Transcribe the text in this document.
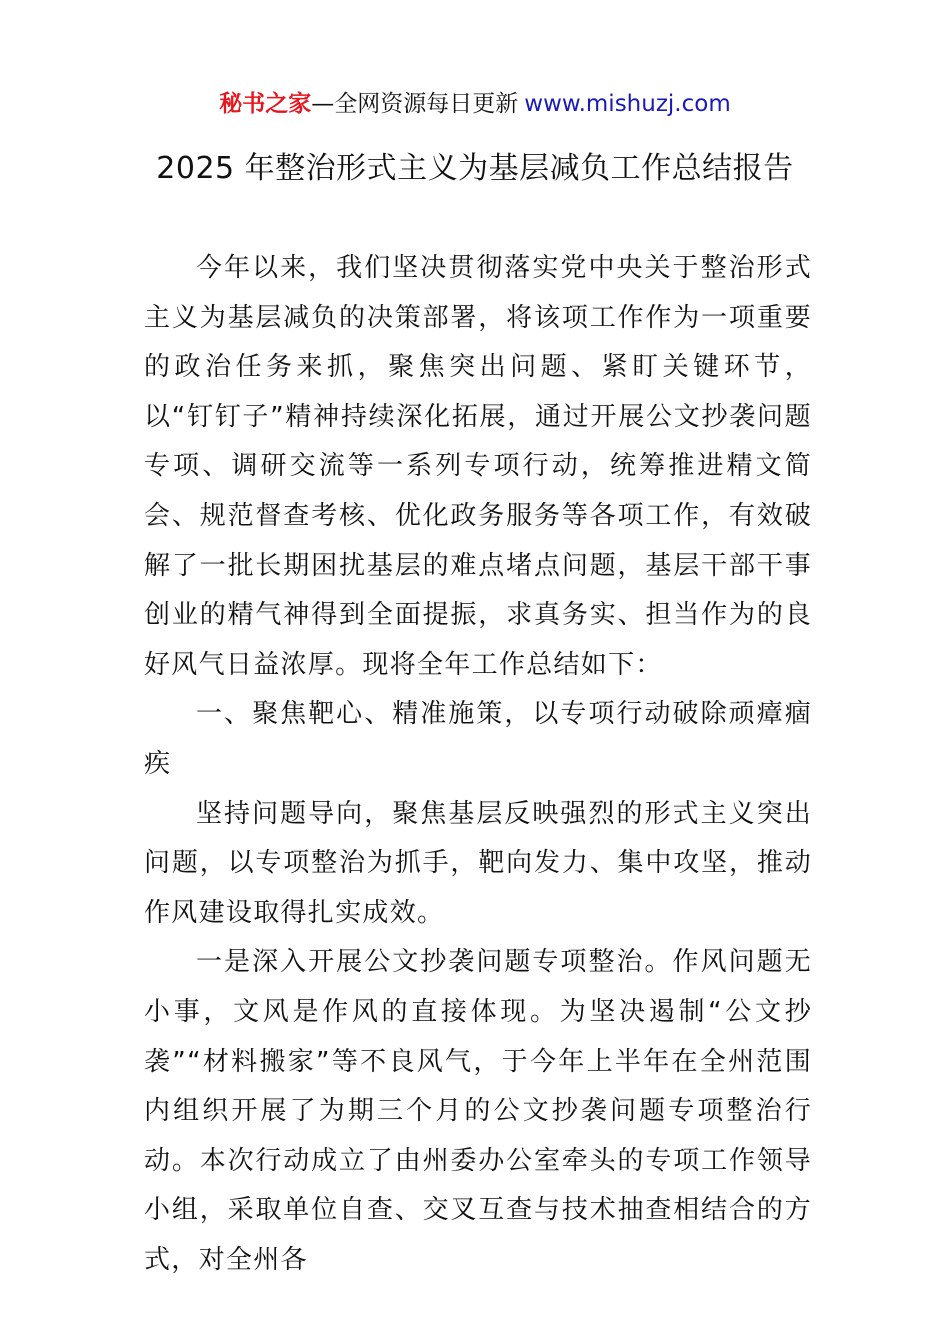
秘书之家—全网资源每日更新 www.mishuzj.com
2025 年整治形式主义为基层减负工作总结报告

今年以来，我们坚决贯彻落实党中央关于整治形式主义为基层减负的决策部署，将该项工作作为一项重要的政治任务来抓，聚焦突出问题、紧盯关键环节，以“钉钉子”精神持续深化拓展，通过开展公文抄袭问题专项、调研交流等一系列专项行动，统筹推进精文简会、规范督查考核、优化政务服务等各项工作，有效破解了一批长期困扰基层的难点堵点问题，基层干部干事创业的精气神得到全面提振，求真务实、担当作为的良好风气日益浓厚。现将全年工作总结如下：

一、聚焦靶心、精准施策，以专项行动破除顽瘴痼疾

坚持问题导向，聚焦基层反映强烈的形式主义突出问题，以专项整治为抓手，靶向发力、集中攻坚，推动作风建设取得扎实成效。

一是深入开展公文抄袭问题专项整治。作风问题无小事，文风是作风的直接体现。为坚决遏制“公文抄袭”“材料搬家”等不良风气，于今年上半年在全州范围内组织开展了为期三个月的公文抄袭问题专项整治行动。本次行动成立了由州委办公室牵头的专项工作领导小组，采取单位自查、交叉互查与技术抽查相结合的方式，对全州各
